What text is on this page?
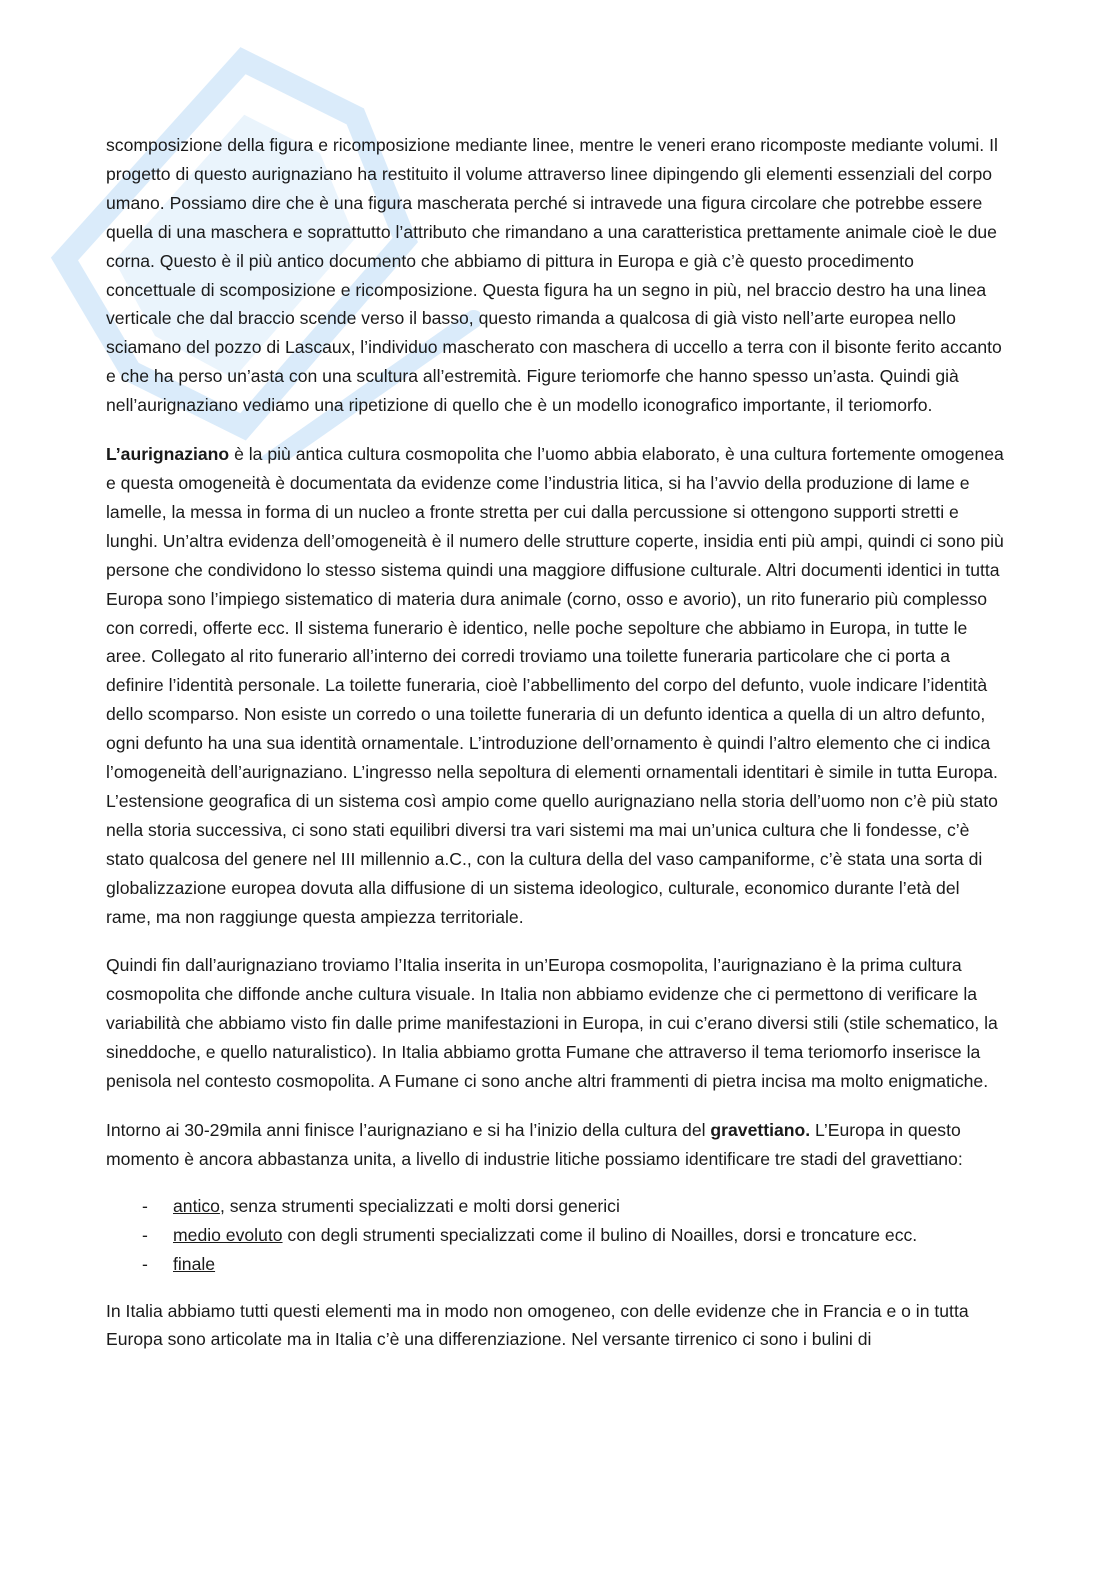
scomposizione della figura e ricomposizione mediante linee, mentre le veneri erano ricomposte mediante volumi. Il progetto di questo aurignaziano ha restituito il volume attraverso linee dipingendo gli elementi essenziali del corpo umano. Possiamo dire che è una figura mascherata perché si intravede una figura circolare che potrebbe essere quella di una maschera e soprattutto l’attributo che rimandano a una caratteristica prettamente animale cioè le due corna. Questo è il più antico documento che abbiamo di pittura in Europa e già c’è questo procedimento concettuale di scomposizione e ricomposizione. Questa figura ha un segno in più, nel braccio destro ha una linea verticale che dal braccio scende verso il basso, questo rimanda a qualcosa di già visto nell’arte europea nello sciamano del pozzo di Lascaux, l’individuo mascherato con maschera di uccello a terra con il bisonte ferito accanto e che ha perso un’asta con una scultura all’estremità. Figure teriomorfe che hanno spesso un’asta. Quindi già nell’aurignaziano vediamo una ripetizione di quello che è un modello iconografico importante, il teriomorfo.

L’aurignaziano è la più antica cultura cosmopolita che l’uomo abbia elaborato, è una cultura fortemente omogenea e questa omogeneità è documentata da evidenze come l’industria litica, si ha l’avvio della produzione di lame e lamelle, la messa in forma di un nucleo a fronte stretta per cui dalla percussione si ottengono supporti stretti e lunghi. Un’altra evidenza dell’omogeneità è il numero delle strutture coperte, insidia enti più ampi, quindi ci sono più persone che condividono lo stesso sistema quindi una maggiore diffusione culturale. Altri documenti identici in tutta Europa sono l’impiego sistematico di materia dura animale (corno, osso e avorio), un rito funerario più complesso con corredi, offerte ecc. Il sistema funerario è identico, nelle poche sepolture che abbiamo in Europa, in tutte le aree. Collegato al rito funerario all’interno dei corredi troviamo una toilette funeraria particolare che ci porta a definire l’identità personale. La toilette funeraria, cioè l’abbellimento del corpo del defunto, vuole indicare l’identità dello scomparso. Non esiste un corredo o una toilette funeraria di un defunto identica a quella di un altro defunto, ogni defunto ha una sua identità ornamentale. L’introduzione dell’ornamento è quindi l’altro elemento che ci indica l’omogeneità dell’aurignaziano. L’ingresso nella sepoltura di elementi ornamentali identitari è simile in tutta Europa. L’estensione geografica di un sistema così ampio come quello aurignaziano nella storia dell’uomo non c’è più stato nella storia successiva, ci sono stati equilibri diversi tra vari sistemi ma mai un’unica cultura che li fondesse, c’è stato qualcosa del genere nel III millennio a.C., con la cultura della del vaso campaniforme, c’è stata una sorta di globalizzazione europea dovuta alla diffusione di un sistema ideologico, culturale, economico durante l’età del rame, ma non raggiunge questa ampiezza territoriale.

Quindi fin dall’aurignaziano troviamo l’Italia inserita in un’Europa cosmopolita, l’aurignaziano è la prima cultura cosmopolita che diffonde anche cultura visuale. In Italia non abbiamo evidenze che ci permettono di verificare la variabilità che abbiamo visto fin dalle prime manifestazioni in Europa, in cui c’erano diversi stili (stile schematico, la sineddoche, e quello naturalistico). In Italia abbiamo grotta Fumane che attraverso il tema teriomorfo inserisce la penisola nel contesto cosmopolita. A Fumane ci sono anche altri frammenti di pietra incisa ma molto enigmatiche.

Intorno ai 30-29mila anni finisce l’aurignaziano e si ha l’inizio della cultura del gravettiano. L’Europa in questo momento è ancora abbastanza unita, a livello di industrie litiche possiamo identificare tre stadi del gravettiano:

- antico, senza strumenti specializzati e molti dorsi generici
- medio evoluto con degli strumenti specializzati come il bulino di Noailles, dorsi e troncature ecc.
- finale

In Italia abbiamo tutti questi elementi ma in modo non omogeneo, con delle evidenze che in Francia e o in tutta Europa sono articolate ma in Italia c’è una differenziazione. Nel versante tirrenico ci sono i bulini di
